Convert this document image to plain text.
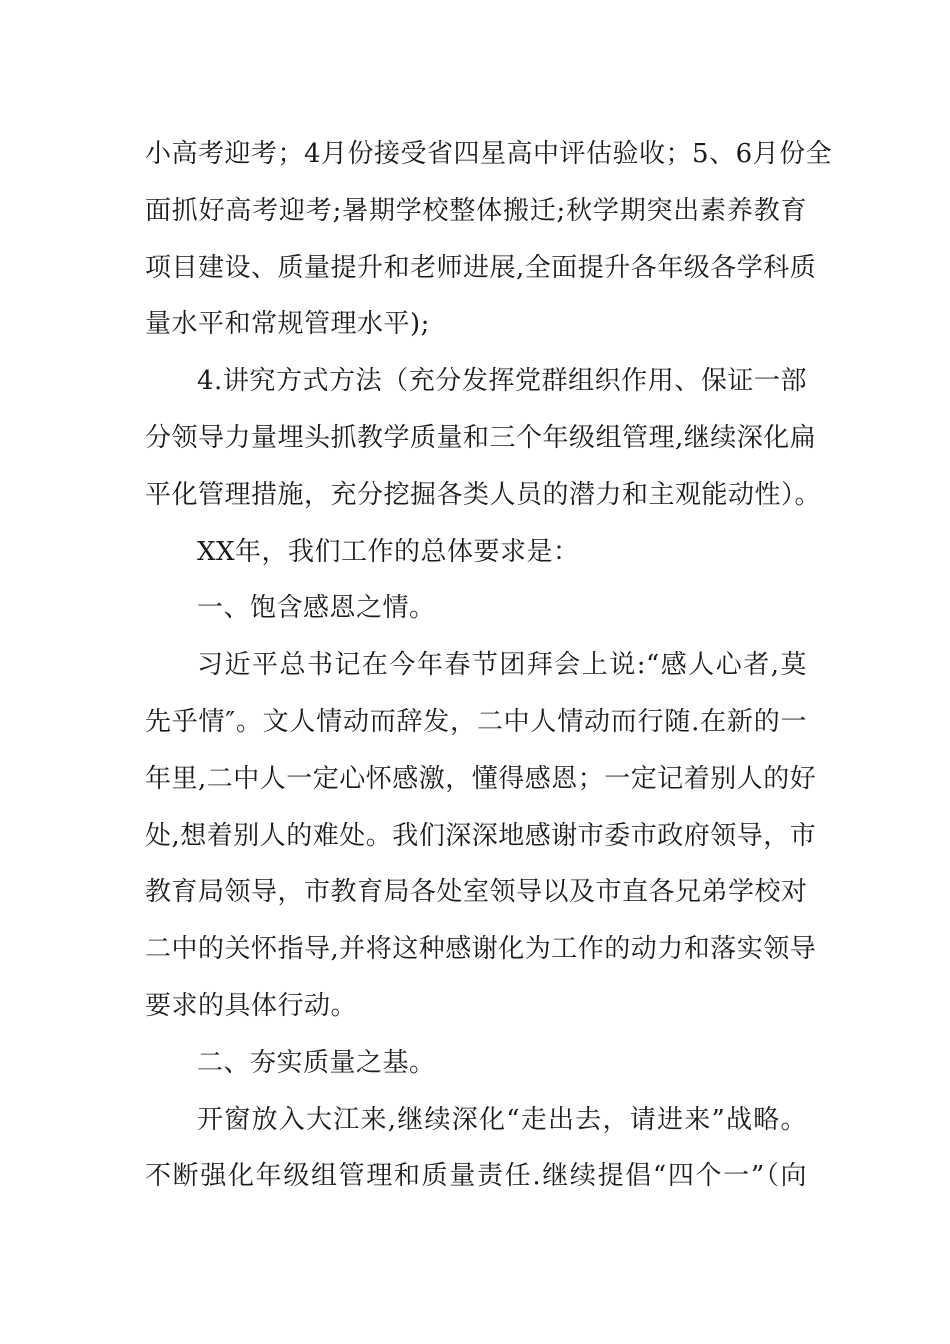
小高考迎考；4月份接受省四星高中评估验收；5、6月份全
面抓好高考迎考;暑期学校整体搬迁;秋学期突出素养教育
项目建设、质量提升和老师进展,全面提升各年级各学科质
量水平和常规管理水平);
4.讲究方式方法（充分发挥党群组织作用、保证一部
分领导力量埋头抓教学质量和三个年级组管理,继续深化扁
平化管理措施，充分挖掘各类人员的潜力和主观能动性）。
XX年，我们工作的总体要求是：
一、饱含感恩之情。
习近平总书记在今年春节团拜会上说:“感人心者,莫
先乎情″。文人情动而辞发，二中人情动而行随.在新的一
年里,二中人一定心怀感激，懂得感恩；一定记着别人的好
处,想着别人的难处。我们深深地感谢市委市政府领导，市
教育局领导，市教育局各处室领导以及市直各兄弟学校对
二中的关怀指导,并将这种感谢化为工作的动力和落实领导
要求的具体行动。
二、夯实质量之基。
开窗放入大江来,继续深化“走出去，请进来”战略。
不断强化年级组管理和质量责任.继续提倡“四个一”（向
